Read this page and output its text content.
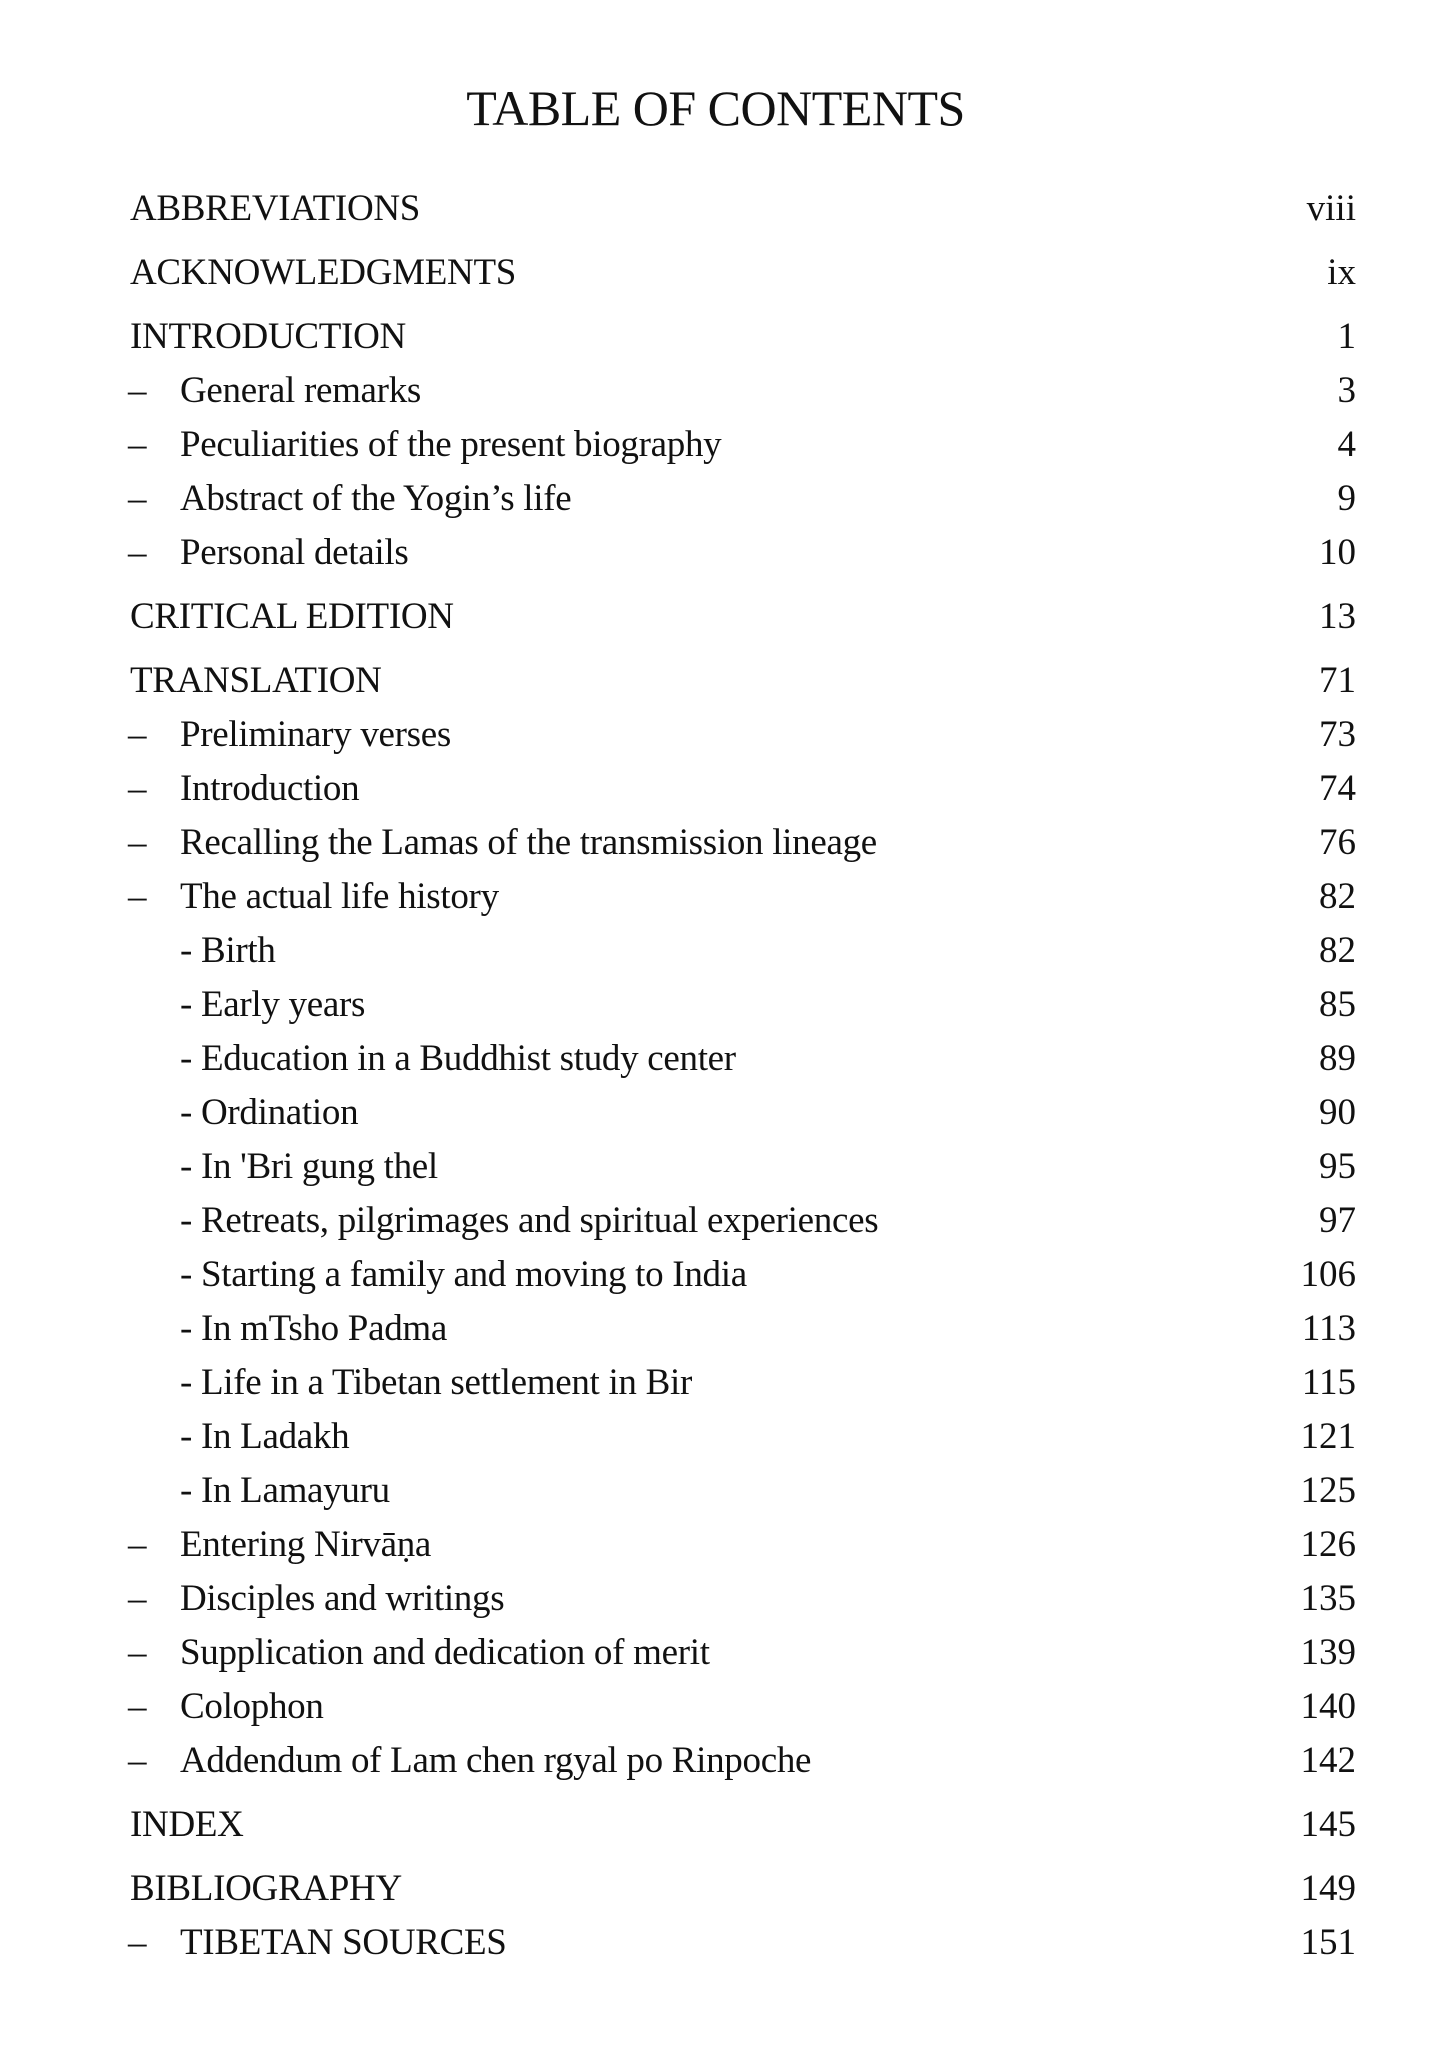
TABLE OF CONTENTS
ABBREVIATIONS	viii
ACKNOWLEDGMENTS	ix
INTRODUCTION	1
– General remarks	3
– Peculiarities of the present biography	4
– Abstract of the Yogin’s life	9
– Personal details	10
CRITICAL EDITION	13
TRANSLATION	71
– Preliminary verses	73
– Introduction	74
– Recalling the Lamas of the transmission lineage	76
– The actual life history	82
- Birth	82
- Early years	85
- Education in a Buddhist study center	89
- Ordination	90
- In 'Bri gung thel	95
- Retreats, pilgrimages and spiritual experiences	97
- Starting a family and moving to India	106
- In mTsho Padma	113
- Life in a Tibetan settlement in Bir	115
- In Ladakh	121
- In Lamayuru	125
– Entering Nirvāṇa	126
– Disciples and writings	135
– Supplication and dedication of merit	139
– Colophon	140
– Addendum of Lam chen rgyal po Rinpoche	142
INDEX	145
BIBLIOGRAPHY	149
– TIBETAN SOURCES	151
